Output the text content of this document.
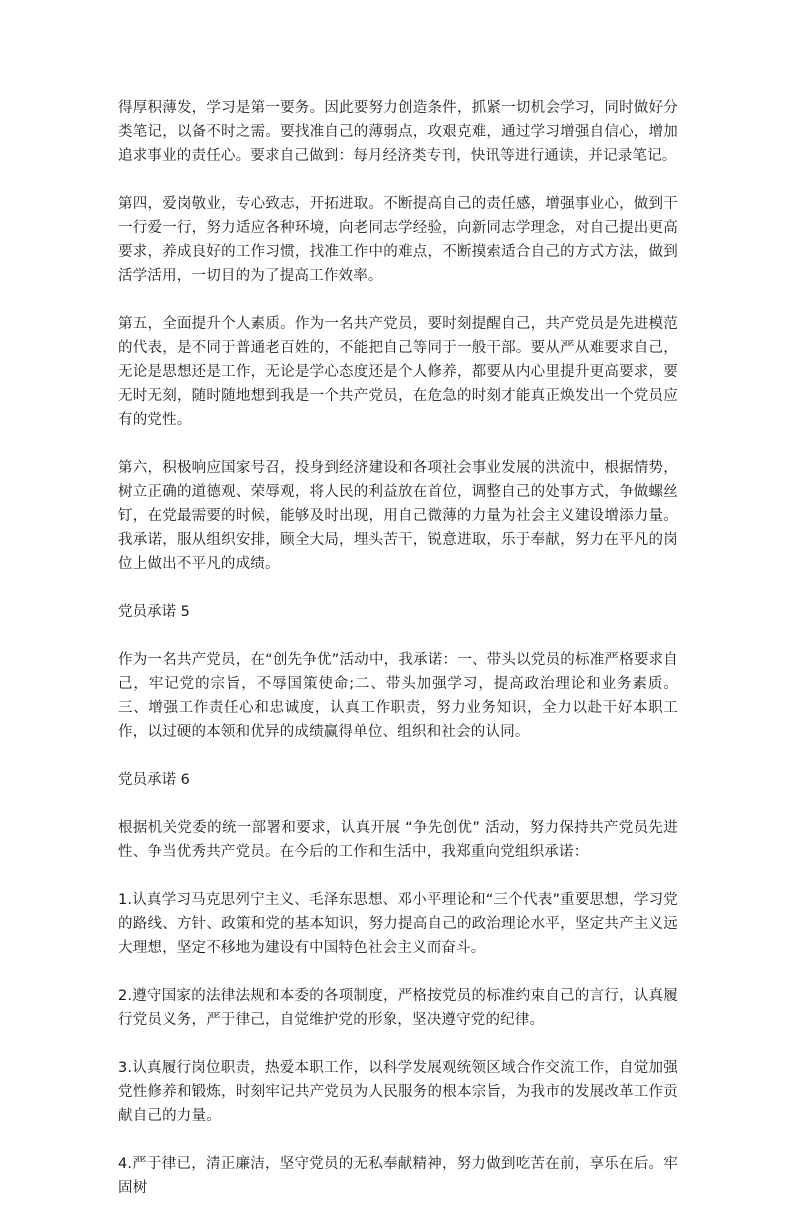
得厚积薄发，学习是第一要务。因此要努力创造条件，抓紧一切机会学习，同时做好分类笔记，以备不时之需。要找准自己的薄弱点，攻艰克难，通过学习增强自信心，增加追求事业的责任心。要求自己做到：每月经济类专刊，快讯等进行通读，并记录笔记。

第四，爱岗敬业，专心致志，开拓进取。不断提高自己的责任感，增强事业心，做到干一行爱一行，努力适应各种环境，向老同志学经验，向新同志学理念，对自己提出更高要求，养成良好的工作习惯，找准工作中的难点，不断摸索适合自己的方式方法，做到活学活用，一切目的为了提高工作效率。

第五，全面提升个人素质。作为一名共产党员，要时刻提醒自己，共产党员是先进模范的代表，是不同于普通老百姓的，不能把自己等同于一般干部。要从严从难要求自己，无论是思想还是工作，无论是学心态度还是个人修养，都要从内心里提升更高要求，要无时无刻，随时随地想到我是一个共产党员，在危急的时刻才能真正焕发出一个党员应有的党性。

第六，积极响应国家号召，投身到经济建设和各项社会事业发展的洪流中，根据情势，树立正确的道德观、荣辱观，将人民的利益放在首位，调整自己的处事方式，争做螺丝钉，在党最需要的时候，能够及时出现，用自己微薄的力量为社会主义建设增添力量。我承诺，服从组织安排，顾全大局，埋头苦干，锐意进取，乐于奉献，努力在平凡的岗位上做出不平凡的成绩。

党员承诺 5

作为一名共产党员，在“创先争优”活动中，我承诺：一、带头以党员的标准严格要求自己，牢记党的宗旨，不辱国策使命;二、带头加强学习，提高政治理论和业务素质。三、增强工作责任心和忠诚度，认真工作职责，努力业务知识，全力以赴干好本职工作，以过硬的本领和优异的成绩赢得单位、组织和社会的认同。

党员承诺 6

根据机关党委的统一部署和要求，认真开展 “争先创优” 活动，努力保持共产党员先进性、争当优秀共产党员。在今后的工作和生活中，我郑重向党组织承诺：

1.认真学习马克思列宁主义、毛泽东思想、邓小平理论和“三个代表”重要思想，学习党的路线、方针、政策和党的基本知识，努力提高自己的政治理论水平，坚定共产主义远大理想，坚定不移地为建设有中国特色社会主义而奋斗。

2.遵守国家的法律法规和本委的各项制度，严格按党员的标准约束自己的言行，认真履行党员义务，严于律己，自觉维护党的形象，坚决遵守党的纪律。

3.认真履行岗位职责，热爱本职工作，以科学发展观统领区域合作交流工作，自觉加强党性修养和锻炼，时刻牢记共产党员为人民服务的根本宗旨，为我市的发展改革工作贡献自己的力量。

4.严于律已，清正廉洁，坚守党员的无私奉献精神，努力做到吃苦在前，享乐在后。牢固树
